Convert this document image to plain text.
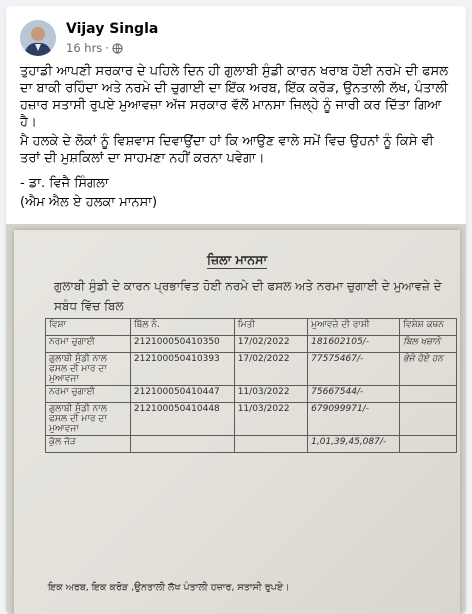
Vijay Singla
16 hrs ·

ਤੁਹਾਡੀ ਆਪਣੀ ਸਰਕਾਰ ਦੇ ਪਹਿਲੇ ਦਿਨ ਹੀ ਗੁਲਾਬੀ ਸੁੰਡੀ ਕਾਰਨ ਖਰਾਬ ਹੋਈ ਨਰਮੇ ਦੀ ਫਸਲ ਦਾ ਬਾਕੀ ਰਹਿੰਦਾ ਅਤੇ ਨਰਮੇ ਦੀ ਚੁਗਾਈ ਦਾ ਇੱਕ ਅਰਬ, ਇੱਕ ਕਰੋੜ, ਉਨਤਾਲੀ ਲੱਖ, ਪੰਤਾਲੀ ਹਜ਼ਾਰ ਸਤਾਸੀ ਰੁਪਏ ਮੁਆਵਜ਼ਾ ਅੱਜ ਸਰਕਾਰ ਵੱਲੋਂ ਮਾਨਸਾ ਜਿਲ੍ਹੇ ਨੂੰ ਜਾਰੀ ਕਰ ਦਿੱਤਾ ਗਿਆ ਹੈ।

ਮੈ ਹਲਕੇ ਦੇ ਲੋਕਾਂ ਨੂੰ ਵਿਸ਼ਵਾਸ ਦਿਵਾਉਂਦਾ ਹਾਂ ਕਿ ਆਉਣ ਵਾਲੇ ਸਮੇਂ ਵਿਚ ਉਹਨਾਂ ਨੂੰ ਕਿਸੇ ਵੀ ਤਰਾਂ ਦੀ ਮੁਸ਼ਕਿਲਾਂ ਦਾ ਸਾਹਮਣਾ ਨਹੀਂ ਕਰਨਾ ਪਵੇਗਾ।

- ਡਾ. ਵਿਜੈ ਸਿੰਗਲਾ

(ਐਮ ਐਲ ਏ ਹਲਕਾ ਮਾਨਸਾ)

ਜ਼ਿਲਾ ਮਾਨਸਾ
ਗੁਲਾਬੀ ਸੁੰਡੀ ਦੇ ਕਾਰਨ ਪ੍ਰਭਾਵਿਤ ਹੋਈ ਨਰਮੇ ਦੀ ਫਸਲ ਅਤੇ ਨਰਮਾ ਚੁਗਾਈ ਦੇ ਮੁਆਵਜ਼ੇ ਦੇ ਸਬੰਧ ਵਿੱਚ ਬਿਲ
ਵਿਸ਼ਾ	ਬਿੱਲ ਨੰ.	ਮਿਤੀ	ਮੁਆਵਜ਼ੇ ਦੀ ਰਾਸ਼ੀ	ਵਿਸ਼ੇਸ਼ ਕਥਨ
ਨਰਮਾ ਚੁਗਾਈ	212100050410350	17/02/2022	181602105/-	ਬਿਲ ਖਜ਼ਾਨੇ
ਗੁਲਾਬੀ ਸੁੰਡੀ ਨਾਲ ਫਸਲ ਦੀ ਮਾਰ ਦਾ ਮੁਆਵਜਾ	212100050410393	17/02/2022	77575467/-	ਭੇਜੇ ਹੋਏ ਹਨ
ਨਰਮਾ ਚੁਗਾਈ	212100050410447	11/03/2022	75667544/-	
ਗੁਲਾਬੀ ਸੁੰਡੀ ਨਾਲ ਫਸਲ ਦੀ ਮਾਰ ਦਾ ਮੁਆਵਜਾ	212100050410448	11/03/2022	679099971/-	
ਕੁੱਲ ਜੋੜ			1,01,39,45,087/-	
ਇਕ ਅਰਬ, ਇਕ ਕਰੋੜ ,ਉਨਤਾਲੀ ਲੱਖ ਪੰਤਾਲੀ ਹਜ਼ਾਰ, ਸਤਾਸੀ ਰੁਪਏ।
